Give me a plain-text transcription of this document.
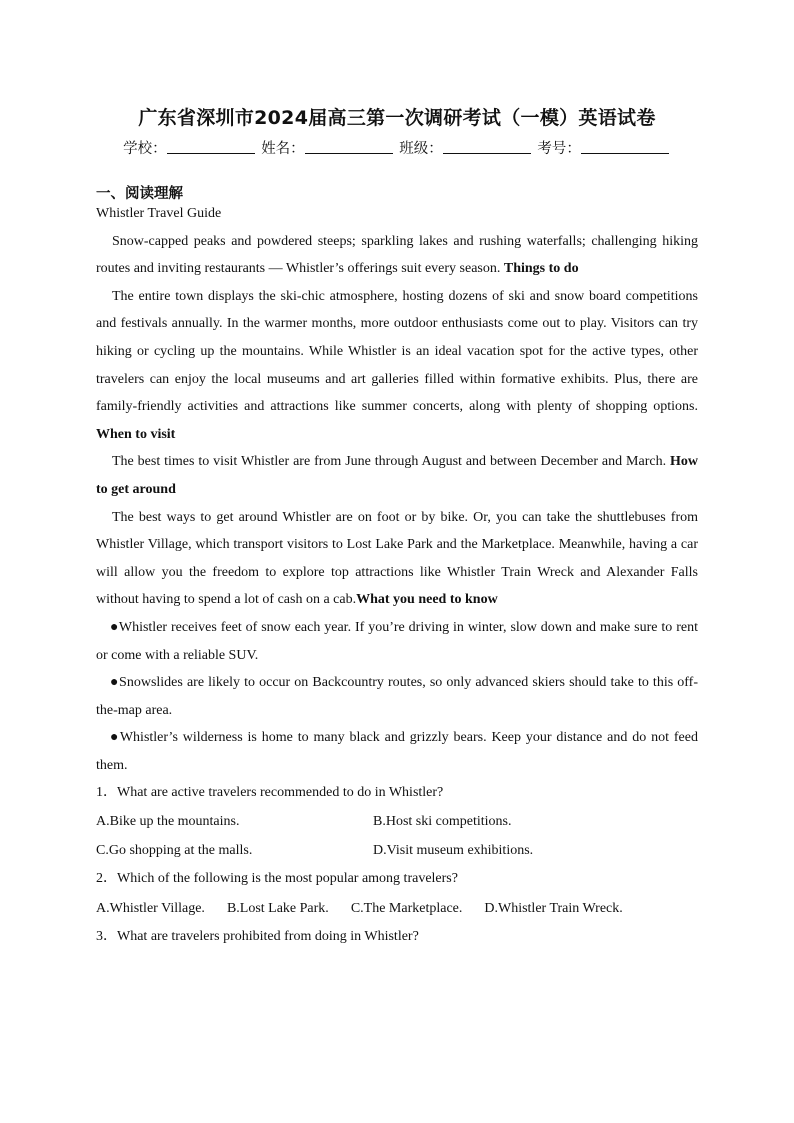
广东省深圳市2024届高三第一次调研考试（一模）英语试卷
学校：	姓名：	班级：	考号：
一、阅读理解

Whistler Travel Guide

Snow-capped peaks and powdered steeps; sparkling lakes and rushing waterfalls; challenging hiking routes and inviting restaurants — Whistler’s offerings suit every season. Things to do

The entire town displays the ski-chic atmosphere, hosting dozens of ski and snow board competitions and festivals annually. In the warmer months, more outdoor enthusiasts come out to play. Visitors can try hiking or cycling up the mountains. While Whistler is an ideal vacation spot for the active types, other travelers can enjoy the local museums and art galleries filled within formative exhibits. Plus, there are family-friendly activities and attractions like summer concerts, along with plenty of shopping options. When to visit

The best times to visit Whistler are from June through August and between December and March. How to get around

The best ways to get around Whistler are on foot or by bike. Or, you can take the shuttlebuses from Whistler Village, which transport visitors to Lost Lake Park and the Marketplace. Meanwhile, having a car will allow you the freedom to explore top attractions like Whistler Train Wreck and Alexander Falls without having to spend a lot of cash on a cab.What you need to know

●Whistler receives feet of snow each year. If you’re driving in winter, slow down and make sure to rent or come with a reliable SUV.

●Snowslides are likely to occur on Backcountry routes, so only advanced skiers should take to this off-the-map area.

●Whistler’s wilderness is home to many black and grizzly bears. Keep your distance and do not feed them.

1．What are active travelers recommended to do in Whistler?

A.Bike up the mountains.	B.Host ski competitions.
C.Go shopping at the malls.	D.Visit museum exhibitions.

2．Which of the following is the most popular among travelers?

A.Whistler Village. B.Lost Lake Park. C.The Marketplace. D.Whistler Train Wreck.

3．What are travelers prohibited from doing in Whistler?
